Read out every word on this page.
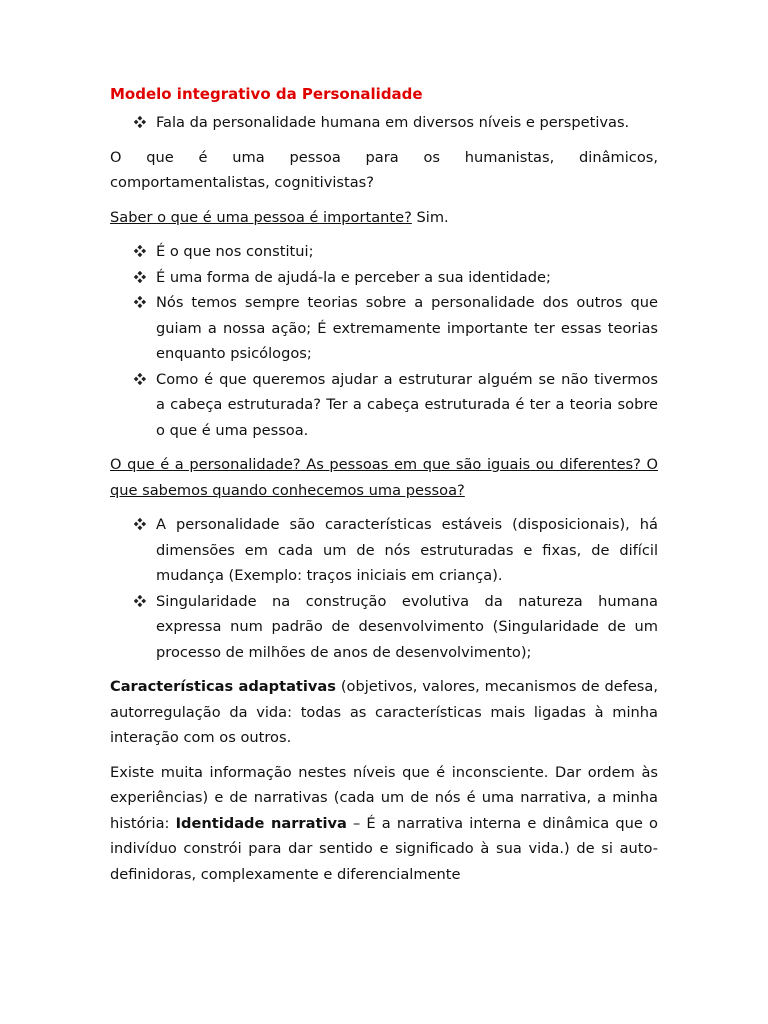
Modelo integrativo da Personalidade
Fala da personalidade humana em diversos níveis e perspetivas.

O que é uma pessoa para os humanistas, dinâmicos, comportamentalistas, cognitivistas?

Saber o que é uma pessoa é importante? Sim.

É o que nos constitui;
É uma forma de ajudá-la e perceber a sua identidade;
Nós temos sempre teorias sobre a personalidade dos outros que guiam a nossa ação; É extremamente importante ter essas teorias enquanto psicólogos;
Como é que queremos ajudar a estruturar alguém se não tivermos a cabeça estruturada? Ter a cabeça estruturada é ter a teoria sobre o que é uma pessoa.

O que é a personalidade? As pessoas em que são iguais ou diferentes? O que sabemos quando conhecemos uma pessoa?

A personalidade são características estáveis (disposicionais), há dimensões em cada um de nós estruturadas e fixas, de difícil mudança (Exemplo: traços iniciais em criança).
Singularidade na construção evolutiva da natureza humana expressa num padrão de desenvolvimento (Singularidade de um processo de milhões de anos de desenvolvimento);

Características adaptativas (objetivos, valores, mecanismos de defesa, autorregulação da vida: todas as características mais ligadas à minha interação com os outros.

Existe muita informação nestes níveis que é inconsciente. Dar ordem às experiências) e de narrativas (cada um de nós é uma narrativa, a minha história: Identidade narrativa – É a narrativa interna e dinâmica que o indivíduo constrói para dar sentido e significado à sua vida.) de si auto-definidoras, complexamente e diferencialmente
